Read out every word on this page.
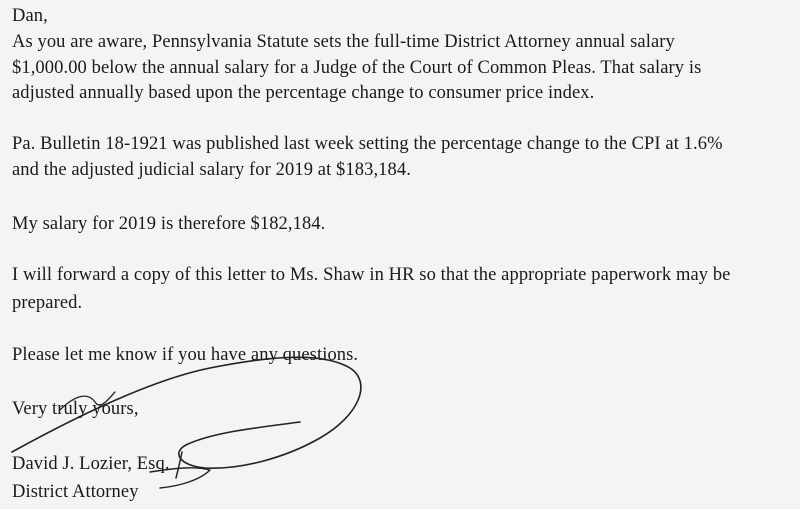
Dan,
As you are aware, Pennsylvania Statute sets the full-time District Attorney annual salary
$1,000.00 below the annual salary for a Judge of the Court of Common Pleas. That salary is
adjusted annually based upon the percentage change to consumer price index.
Pa. Bulletin 18-1921 was published last week setting the percentage change to the CPI at 1.6%
and the adjusted judicial salary for 2019 at $183,184.
My salary for 2019 is therefore $182,184.
I will forward a copy of this letter to Ms. Shaw in HR so that the appropriate paperwork may be
prepared.
Please let me know if you have any questions.
Very truly yours,
David J. Lozier, Esq.
District Attorney
